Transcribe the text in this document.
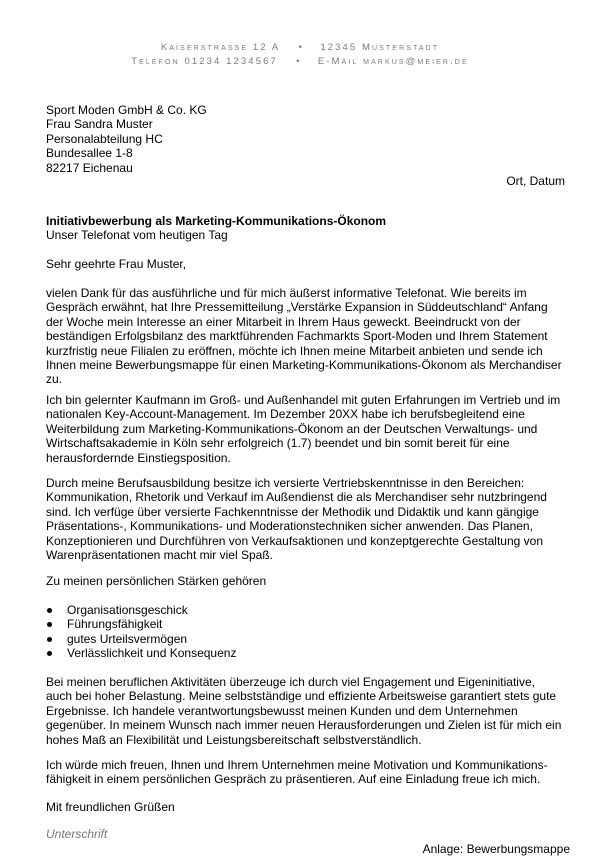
Kaiserstrasse 12 A • 12345 Musterstadt
Telefon 01234 1234567 • E-Mail markus@meier.de
Sport Moden GmbH & Co. KG
Frau Sandra Muster
Personalabteilung HC
Bundesallee 1-8
82217 Eichenau
Ort, Datum
Initiativbewerbung als Marketing-Kommunikations-Ökonom
Unser Telefonat vom heutigen Tag
Sehr geehrte Frau Muster,
vielen Dank für das ausführliche und für mich äußerst informative Telefonat. Wie bereits im
Gespräch erwähnt, hat Ihre Pressemitteilung „Verstärke Expansion in Süddeutschland“ Anfang
der Woche mein Interesse an einer Mitarbeit in Ihrem Haus geweckt. Beeindruckt von der
beständigen Erfolgsbilanz des marktführenden Fachmarkts Sport-Moden und Ihrem Statement
kurzfristig neue Filialen zu eröffnen, möchte ich Ihnen meine Mitarbeit anbieten und sende ich
Ihnen meine Bewerbungsmappe für einen Marketing-Kommunikations-Ökonom als Merchandiser
zu.
Ich bin gelernter Kaufmann im Groß- und Außenhandel mit guten Erfahrungen im Vertrieb und im
nationalen Key-Account-Management. Im Dezember 20XX habe ich berufsbegleitend eine
Weiterbildung zum Marketing-Kommunikations-Ökonom an der Deutschen Verwaltungs- und
Wirtschaftsakademie in Köln sehr erfolgreich (1.7) beendet und bin somit bereit für eine
herausfordernde Einstiegsposition.
Durch meine Berufsausbildung besitze ich versierte Vertriebskenntnisse in den Bereichen:
Kommunikation, Rhetorik und Verkauf im Außendienst die als Merchandiser sehr nutzbringend
sind. Ich verfüge über versierte Fachkenntnisse der Methodik und Didaktik und kann gängige
Präsentations-, Kommunikations- und Moderationstechniken sicher anwenden. Das Planen,
Konzeptionieren und Durchführen von Verkaufsaktionen und konzeptgerechte Gestaltung von
Warenpräsentationen macht mir viel Spaß.
Zu meinen persönlichen Stärken gehören
Organisationsgeschick
Führungsfähigkeit
gutes Urteilsvermögen
Verlässlichkeit und Konsequenz
Bei meinen beruflichen Aktivitäten überzeuge ich durch viel Engagement und Eigeninitiative,
auch bei hoher Belastung. Meine selbstständige und effiziente Arbeitsweise garantiert stets gute
Ergebnisse. Ich handele verantwortungsbewusst meinen Kunden und dem Unternehmen
gegenüber. In meinem Wunsch nach immer neuen Herausforderungen und Zielen ist für mich ein
hohes Maß an Flexibilität und Leistungsbereitschaft selbstverständlich.
Ich würde mich freuen, Ihnen und Ihrem Unternehmen meine Motivation und Kommunikations-
fähigkeit in einem persönlichen Gespräch zu präsentieren. Auf eine Einladung freue ich mich.
Mit freundlichen Grüßen
Unterschrift
Anlage: Bewerbungsmappe
